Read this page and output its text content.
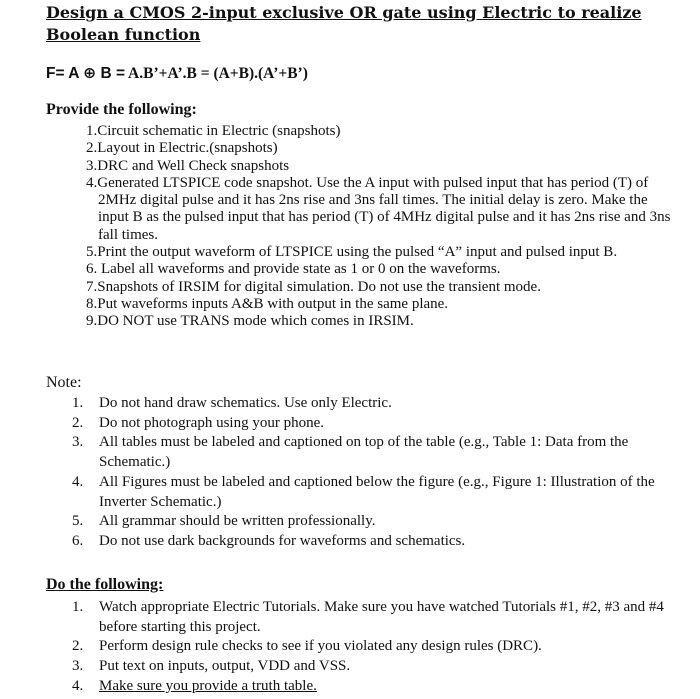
Design a CMOS 2-input exclusive OR gate using Electric to realize Boolean function
F= A ⊕ B = A.B’+A’.B = (A+B).(A’+B’)
Provide the following:
1.Circuit schematic in Electric (snapshots)
2.Layout in Electric.(snapshots)
3.DRC and Well Check snapshots
4.Generated LTSPICE code snapshot. Use the A input with pulsed input that has period (T) of 2MHz digital pulse and it has 2ns rise and 3ns fall times. The initial delay is zero. Make the input B as the pulsed input that has period (T) of 4MHz digital pulse and it has 2ns rise and 3ns fall times.
5.Print the output waveform of LTSPICE using the pulsed “A” input and pulsed input B.
6. Label all waveforms and provide state as 1 or 0 on the waveforms.
7.Snapshots of IRSIM for digital simulation. Do not use the transient mode.
8.Put waveforms inputs A&B with output in the same plane.
9.DO NOT use TRANS mode which comes in IRSIM.
Note:
1. Do not hand draw schematics. Use only Electric.
2. Do not photograph using your phone.
3. All tables must be labeled and captioned on top of the table (e.g., Table 1: Data from the Schematic.)
4. All Figures must be labeled and captioned below the figure (e.g., Figure 1: Illustration of the Inverter Schematic.)
5. All grammar should be written professionally.
6. Do not use dark backgrounds for waveforms and schematics.
Do the following:
1. Watch appropriate Electric Tutorials. Make sure you have watched Tutorials #1, #2, #3 and #4 before starting this project.
2. Perform design rule checks to see if you violated any design rules (DRC).
3. Put text on inputs, output, VDD and VSS.
4. Make sure you provide a truth table.
